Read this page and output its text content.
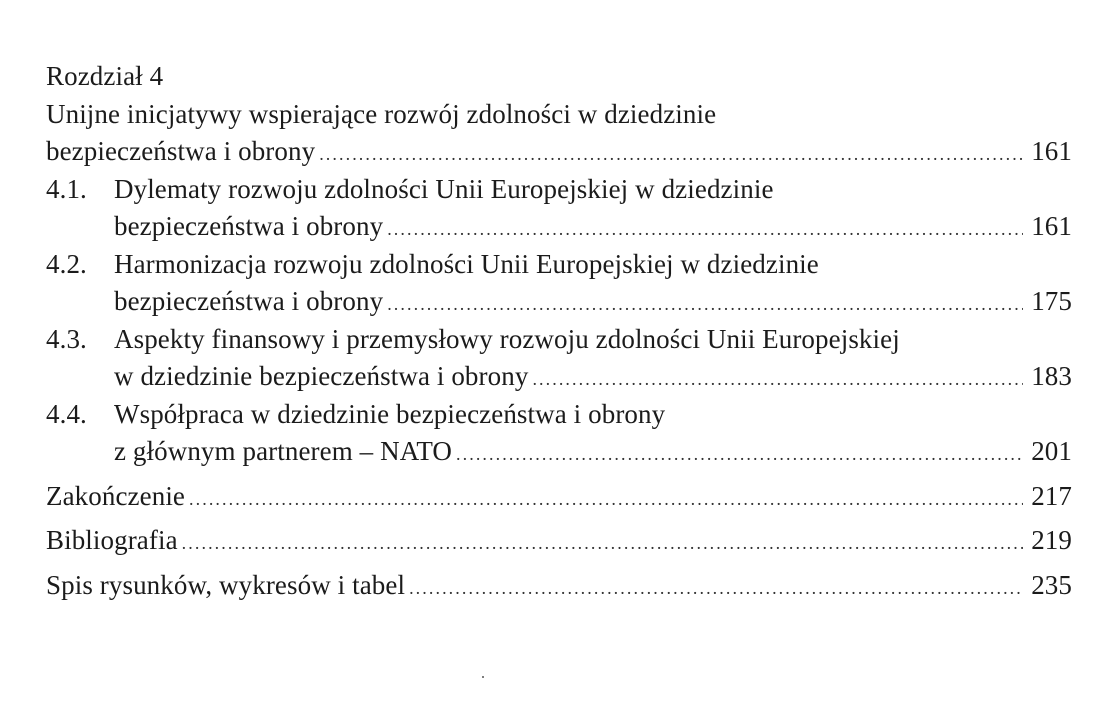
Rozdział 4
Unijne inicjatywy wspierające rozwój zdolności w dziedzinie
bezpieczeństwa i obrony .....	161
4.1.	Dylematy rozwoju zdolności Unii Europejskiej w dziedzinie
bezpieczeństwa i obrony .....	161
4.2.	Harmonizacja rozwoju zdolności Unii Europejskiej w dziedzinie
bezpieczeństwa i obrony .....	175
4.3.	Aspekty finansowy i przemysłowy rozwoju zdolności Unii Europejskiej
w dziedzinie bezpieczeństwa i obrony .....	183
4.4.	Współpraca w dziedzinie bezpieczeństwa i obrony
z głównym partnerem – NATO .....	201
Zakończenie .....	217
Bibliografia .....	219
Spis rysunków, wykresów i tabel .....	235
